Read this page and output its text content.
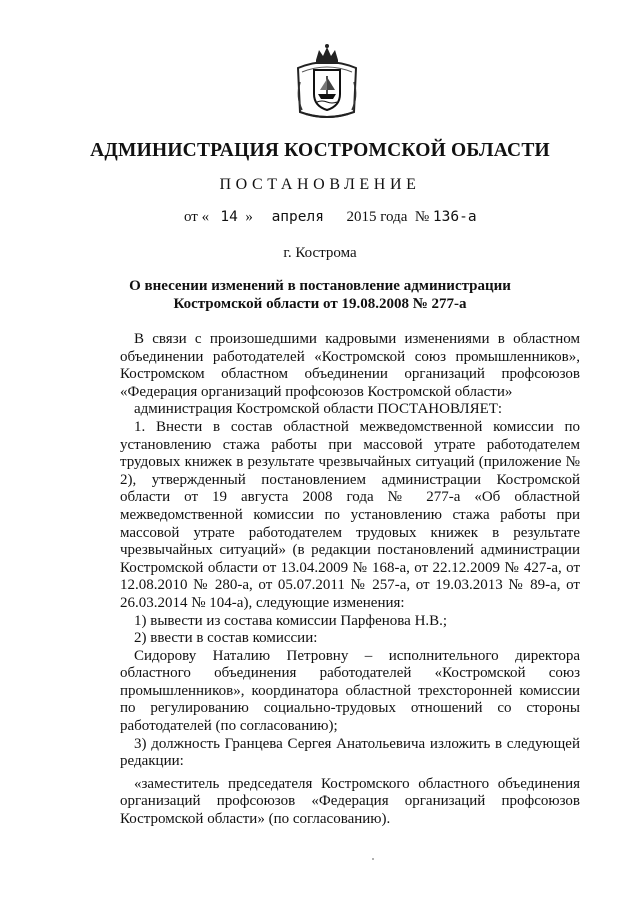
АДМИНИСТРАЦИЯ КОСТРОМСКОЙ ОБЛАСТИ
ПОСТАНОВЛЕНИЕ
от « 14 » апреля 2015 года № 136-а
г. Кострома
О внесении изменений в постановление администрации
Костромской области от 19.08.2008 № 277-а

В связи с произошедшими кадровыми изменениями в областном объединении работодателей «Костромской союз промышленников», Костромском областном объединении организаций профсоюзов «Федерация организаций профсоюзов Костромской области»

администрация Костромской области ПОСТАНОВЛЯЕТ:

1. Внести в состав областной межведомственной комиссии по установлению стажа работы при массовой утрате работодателем трудовых книжек в результате чрезвычайных ситуаций (приложение № 2), утвержденный постановлением администрации Костромской области от 19 августа 2008 года № 277-а «Об областной межведомственной комиссии по установлению стажа работы при массовой утрате работодателем трудовых книжек в результате чрезвычайных ситуаций» (в редакции постановлений администрации Костромской области от 13.04.2009 № 168-а, от 22.12.2009 № 427-а, от 12.08.2010 № 280-а, от 05.07.2011 № 257-а, от 19.03.2013 № 89-а, от 26.03.2014 № 104-а), следующие изменения:

1) вывести из состава комиссии Парфенова Н.В.;

2) ввести в состав комиссии:

Сидорову Наталию Петровну – исполнительного директора областного объединения работодателей «Костромской союз промышленников», координатора областной трехсторонней комиссии по регулированию социально-трудовых отношений со стороны работодателей (по согласованию);

3) должность Гранцева Сергея Анатольевича изложить в следующей редакции:

«заместитель председателя Костромского областного объединения организаций профсоюзов «Федерация организаций профсоюзов Костромской области» (по согласованию).
